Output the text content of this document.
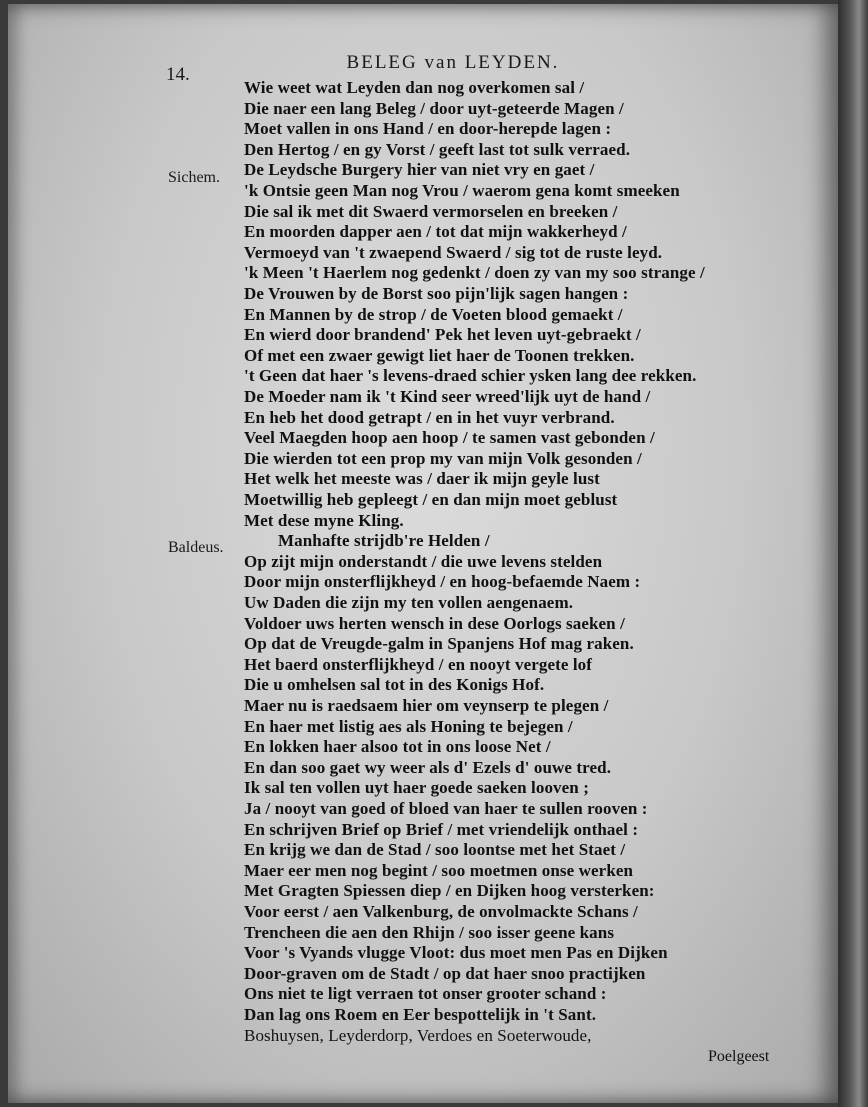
14.
BELEG van LEYDEN.
Sichem.
Baldeus.
Wie weet wat Leyden dan nog overkomen sal /
Die naer een lang Beleg / door uyt-geteerde Magen /
Moet vallen in ons Hand / en door-herepde lagen :
Den Hertog / en gy Vorst / geeft last tot sulk verraed.
De Leydsche Burgery hier van niet vry en gaet /
'k Ontsie geen Man nog Vrou / waerom gena komt smeeken
Die sal ik met dit Swaerd vermorselen en breeken /
En moorden dapper aen / tot dat mijn wakkerheyd /
Vermoeyd van 't zwaepend Swaerd / sig tot de ruste leyd.
'k Meen 't Haerlem nog gedenkt / doen zy van my soo strange /
De Vrouwen by de Borst soo pijn'lijk sagen hangen :
En Mannen by de strop / de Voeten blood gemaekt /
En wierd door brandend' Pek het leven uyt-gebraekt /
Of met een zwaer gewigt liet haer de Toonen trekken.
't Geen dat haer 's levens-draed schier ysken lang dee rekken.
De Moeder nam ik 't Kind seer wreed'lijk uyt de hand /
En heb het dood getrapt / en in het vuyr verbrand.
Veel Maegden hoop aen hoop / te samen vast gebonden /
Die wierden tot een prop my van mijn Volk gesonden /
Het welk het meeste was / daer ik mijn geyle lust
Moetwillig heb gepleegt / en dan mijn moet geblust
Met dese myne Kling.
Manhafte strijdb're Helden /
Op zijt mijn onderstandt / die uwe levens stelden
Door mijn onsterflijkheyd / en hoog-befaemde Naem :
Uw Daden die zijn my ten vollen aengenaem.
Voldoer uws herten wensch in dese Oorlogs saeken /
Op dat de Vreugde-galm in Spanjens Hof mag raken.
Het baerd onsterflijkheyd / en nooyt vergete lof
Die u omhelsen sal tot in des Konigs Hof.
Maer nu is raedsaem hier om veynserp te plegen /
En haer met listig aes als Honing te bejegen /
En lokken haer alsoo tot in ons loose Net /
En dan soo gaet wy weer als d' Ezels d' ouwe tred.
Ik sal ten vollen uyt haer goede saeken looven ;
Ja / nooyt van goed of bloed van haer te sullen rooven :
En schrijven Brief op Brief / met vriendelijk onthael :
En krijg we dan de Stad / soo loontse met het Staet /
Maer eer men nog begint / soo moetmen onse werken
Met Gragten Spiessen diep / en Dijken hoog versterken:
Voor eerst / aen Valkenburg, de onvolmackte Schans /
Trencheen die aen den Rhijn / soo isser geene kans
Voor 's Vyands vlugge Vloot: dus moet men Pas en Dijken
Door-graven om de Stadt / op dat haer snoo practijken
Ons niet te ligt verraen tot onser grooter schand :
Dan lag ons Roem en Eer bespottelijk in 't Sant.
Boshuysen, Leyderdorp, Verdoes en Soeterwoude,
Poelgeest
